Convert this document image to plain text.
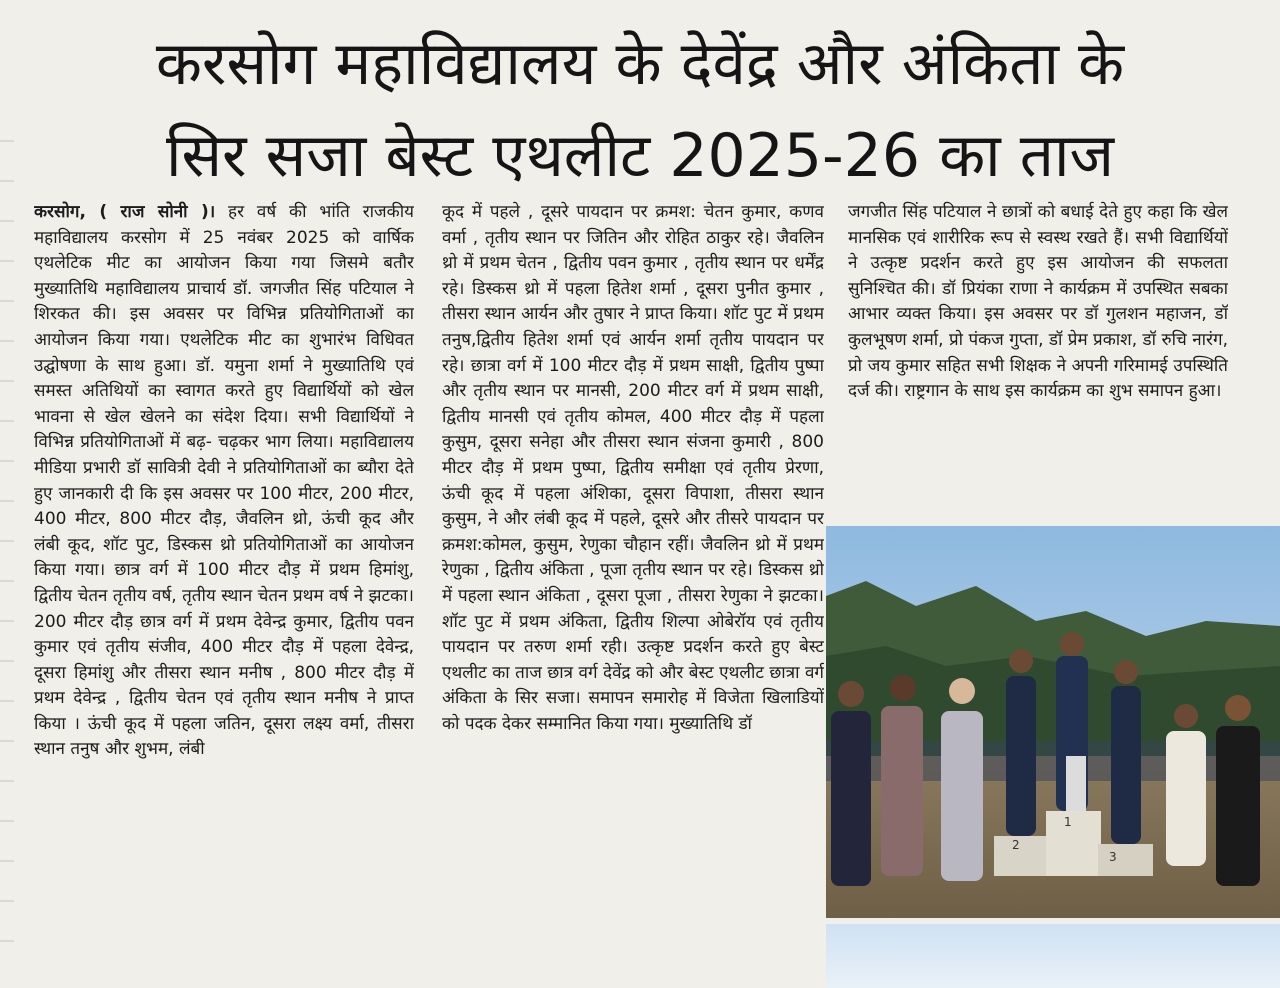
करसोग महाविद्यालय के देवेंद्र और अंकिता के
सिर सजा बेस्ट एथलीट 2025-26 का ताज

करसोग, ( राज सोनी )। हर वर्ष की भांति राजकीय महाविद्यालय करसोग में 25 नवंबर 2025 को वार्षिक एथलेटिक मीट का आयोजन किया गया जिसमे बतौर मुख्यातिथि महाविद्यालय प्राचार्य डॉ. जगजीत सिंह पटियाल ने शिरकत की। इस अवसर पर विभिन्न प्रतियोगिताओं का आयोजन किया गया। एथलेटिक मीट का शुभारंभ विधिवत उद्घोषणा के साथ हुआ। डॉ. यमुना शर्मा ने मुख्यातिथि एवं समस्त अतिथियों का स्वागत करते हुए विद्यार्थियों को खेल भावना से खेल खेलने का संदेश दिया। सभी विद्यार्थियों ने विभिन्न प्रतियोगिताओं में बढ़- चढ़कर भाग लिया। महाविद्यालय मीडिया प्रभारी डॉ सावित्री देवी ने प्रतियोगिताओं का ब्यौरा देते हुए जानकारी दी कि इस अवसर पर 100 मीटर, 200 मीटर, 400 मीटर, 800 मीटर दौड़, जैवलिन थ्रो, ऊंची कूद और लंबी कूद, शॉट पुट, डिस्कस थ्रो प्रतियोगिताओं का आयोजन किया गया। छात्र वर्ग में 100 मीटर दौड़ में प्रथम हिमांशु, द्वितीय चेतन तृतीय वर्ष, तृतीय स्थान चेतन प्रथम वर्ष ने झटका। 200 मीटर दौड़ छात्र वर्ग में प्रथम देवेन्द्र कुमार, द्वितीय पवन कुमार एवं तृतीय संजीव, 400 मीटर दौड़ में पहला देवेन्द्र, दूसरा हिमांशु और तीसरा स्थान मनीष , 800 मीटर दौड़ में प्रथम देवेन्द्र , द्वितीय चेतन एवं तृतीय स्थान मनीष ने प्राप्त किया । ऊंची कूद में पहला जतिन, दूसरा लक्ष्य वर्मा, तीसरा स्थान तनुष और शुभम, लंबी

कूद में पहले , दूसरे पायदान पर क्रमश: चेतन कुमार, कणव वर्मा , तृतीय स्थान पर जितिन और रोहित ठाकुर रहे। जैवलिन थ्रो में प्रथम चेतन , द्वितीय पवन कुमार , तृतीय स्थान पर धर्मेंद्र रहे। डिस्कस थ्रो में पहला हितेश शर्मा , दूसरा पुनीत कुमार , तीसरा स्थान आर्यन और तुषार ने प्राप्त किया। शॉट पुट में प्रथम तनुष,द्वितीय हितेश शर्मा एवं आर्यन शर्मा तृतीय पायदान पर रहे। छात्रा वर्ग में 100 मीटर दौड़ में प्रथम साक्षी, द्वितीय पुष्पा और तृतीय स्थान पर मानसी, 200 मीटर वर्ग में प्रथम साक्षी, द्वितीय मानसी एवं तृतीय कोमल, 400 मीटर दौड़ में पहला कुसुम, दूसरा सनेहा और तीसरा स्थान संजना कुमारी , 800 मीटर दौड़ में प्रथम पुष्पा, द्वितीय समीक्षा एवं तृतीय प्रेरणा, ऊंची कूद में पहला अंशिका, दूसरा विपाशा, तीसरा स्थान कुसुम, ने और लंबी कूद में पहले, दूसरे और तीसरे पायदान पर क्रमश:कोमल, कुसुम, रेणुका चौहान रहीं। जैवलिन थ्रो में प्रथम रेणुका , द्वितीय अंकिता , पूजा तृतीय स्थान पर रहे। डिस्कस थ्रो में पहला स्थान अंकिता , दूसरा पूजा , तीसरा रेणुका ने झटका। शॉट पुट में प्रथम अंकिता, द्वितीय शिल्पा ओबेरॉय एवं तृतीय पायदान पर तरुण शर्मा रही। उत्कृष्ट प्रदर्शन करते हुए बेस्ट एथलीट का ताज छात्र वर्ग देवेंद्र को और बेस्ट एथलीट छात्रा वर्ग अंकिता के सिर सजा। समापन समारोह में विजेता खिलाडियों को पदक देकर सम्मानित किया गया। मुख्यातिथि डॉ

जगजीत सिंह पटियाल ने छात्रों को बधाई देते हुए कहा कि खेल मानसिक एवं शारीरिक रूप से स्वस्थ रखते हैं। सभी विद्यार्थियों ने उत्कृष्ट प्रदर्शन करते हुए इस आयोजन की सफलता सुनिश्चित की। डॉ प्रियंका राणा ने कार्यक्रम में उपस्थित सबका आभार व्यक्त किया। इस अवसर पर डॉ गुलशन महाजन, डॉ कुलभूषण शर्मा, प्रो पंकज गुप्ता, डॉ प्रेम प्रकाश, डॉ रुचि नारंग, प्रो जय कुमार सहित सभी शिक्षक ने अपनी गरिमामई उपस्थिति दर्ज की। राष्ट्रगान के साथ इस कार्यक्रम का शुभ समापन हुआ।

2
1
3
